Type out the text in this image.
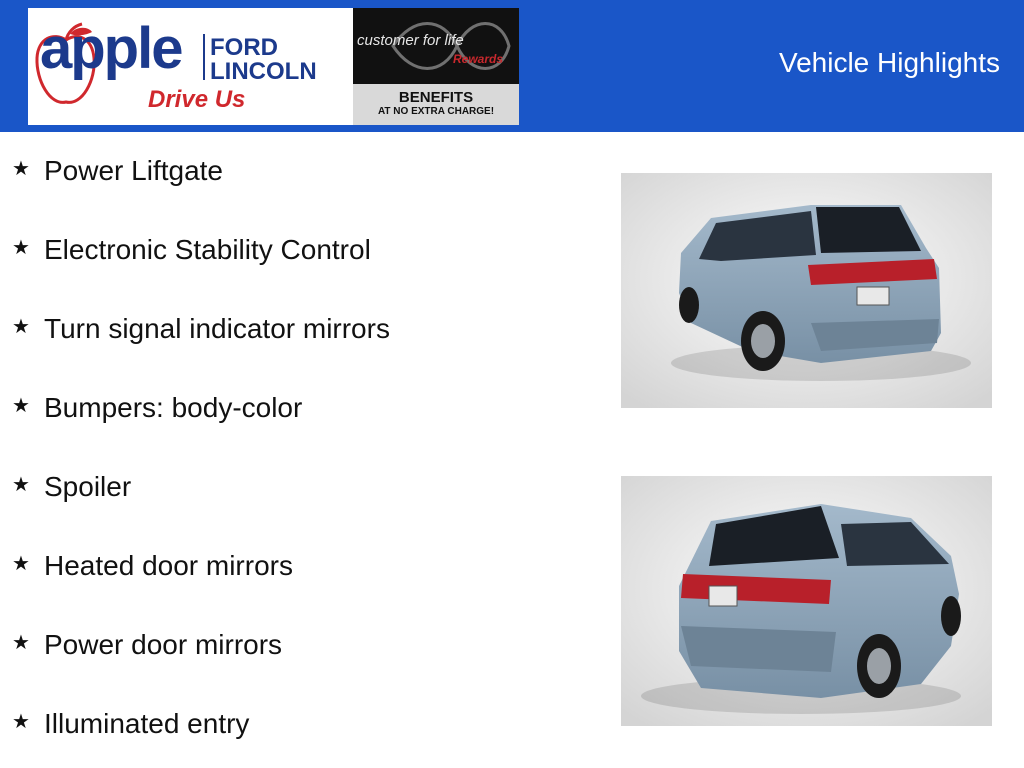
apple FORD
LINCOLN
Drive Us
customer for life
Rewards
BENEFITS
AT NO EXTRA CHARGE!
Vehicle Highlights
★ Power Liftgate
★ Electronic Stability Control
★ Turn signal indicator mirrors
★ Bumpers: body-color
★ Spoiler
★ Heated door mirrors
★ Power door mirrors
★ Illuminated entry
